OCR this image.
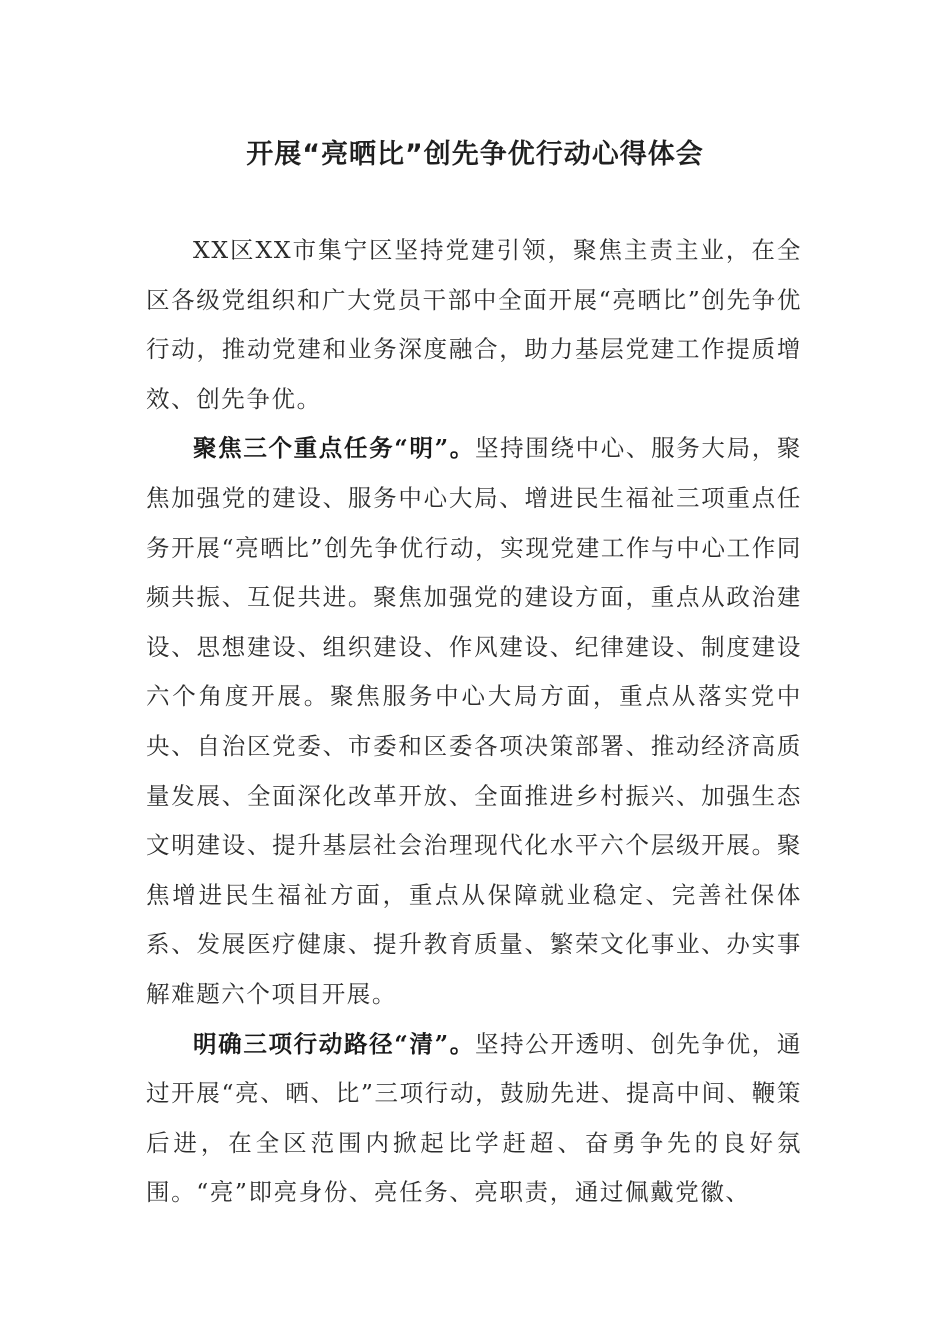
开展“亮晒比”创先争优行动心得体会

XX区XX市集宁区坚持党建引领，聚焦主责主业，在全区各级党组织和广大党员干部中全面开展“亮晒比”创先争优行动，推动党建和业务深度融合，助力基层党建工作提质增效、创先争优。

聚焦三个重点任务“明”。坚持围绕中心、服务大局，聚焦加强党的建设、服务中心大局、增进民生福祉三项重点任务开展“亮晒比”创先争优行动，实现党建工作与中心工作同频共振、互促共进。聚焦加强党的建设方面，重点从政治建设、思想建设、组织建设、作风建设、纪律建设、制度建设六个角度开展。聚焦服务中心大局方面，重点从落实党中央、自治区党委、市委和区委各项决策部署、推动经济高质量发展、全面深化改革开放、全面推进乡村振兴、加强生态文明建设、提升基层社会治理现代化水平六个层级开展。聚焦增进民生福祉方面，重点从保障就业稳定、完善社保体系、发展医疗健康、提升教育质量、繁荣文化事业、办实事解难题六个项目开展。

明确三项行动路径“清”。坚持公开透明、创先争优，通过开展“亮、晒、比”三项行动，鼓励先进、提高中间、鞭策后进，在全区范围内掀起比学赶超、奋勇争先的良好氛围。“亮”即亮身份、亮任务、亮职责，通过佩戴党徽、
